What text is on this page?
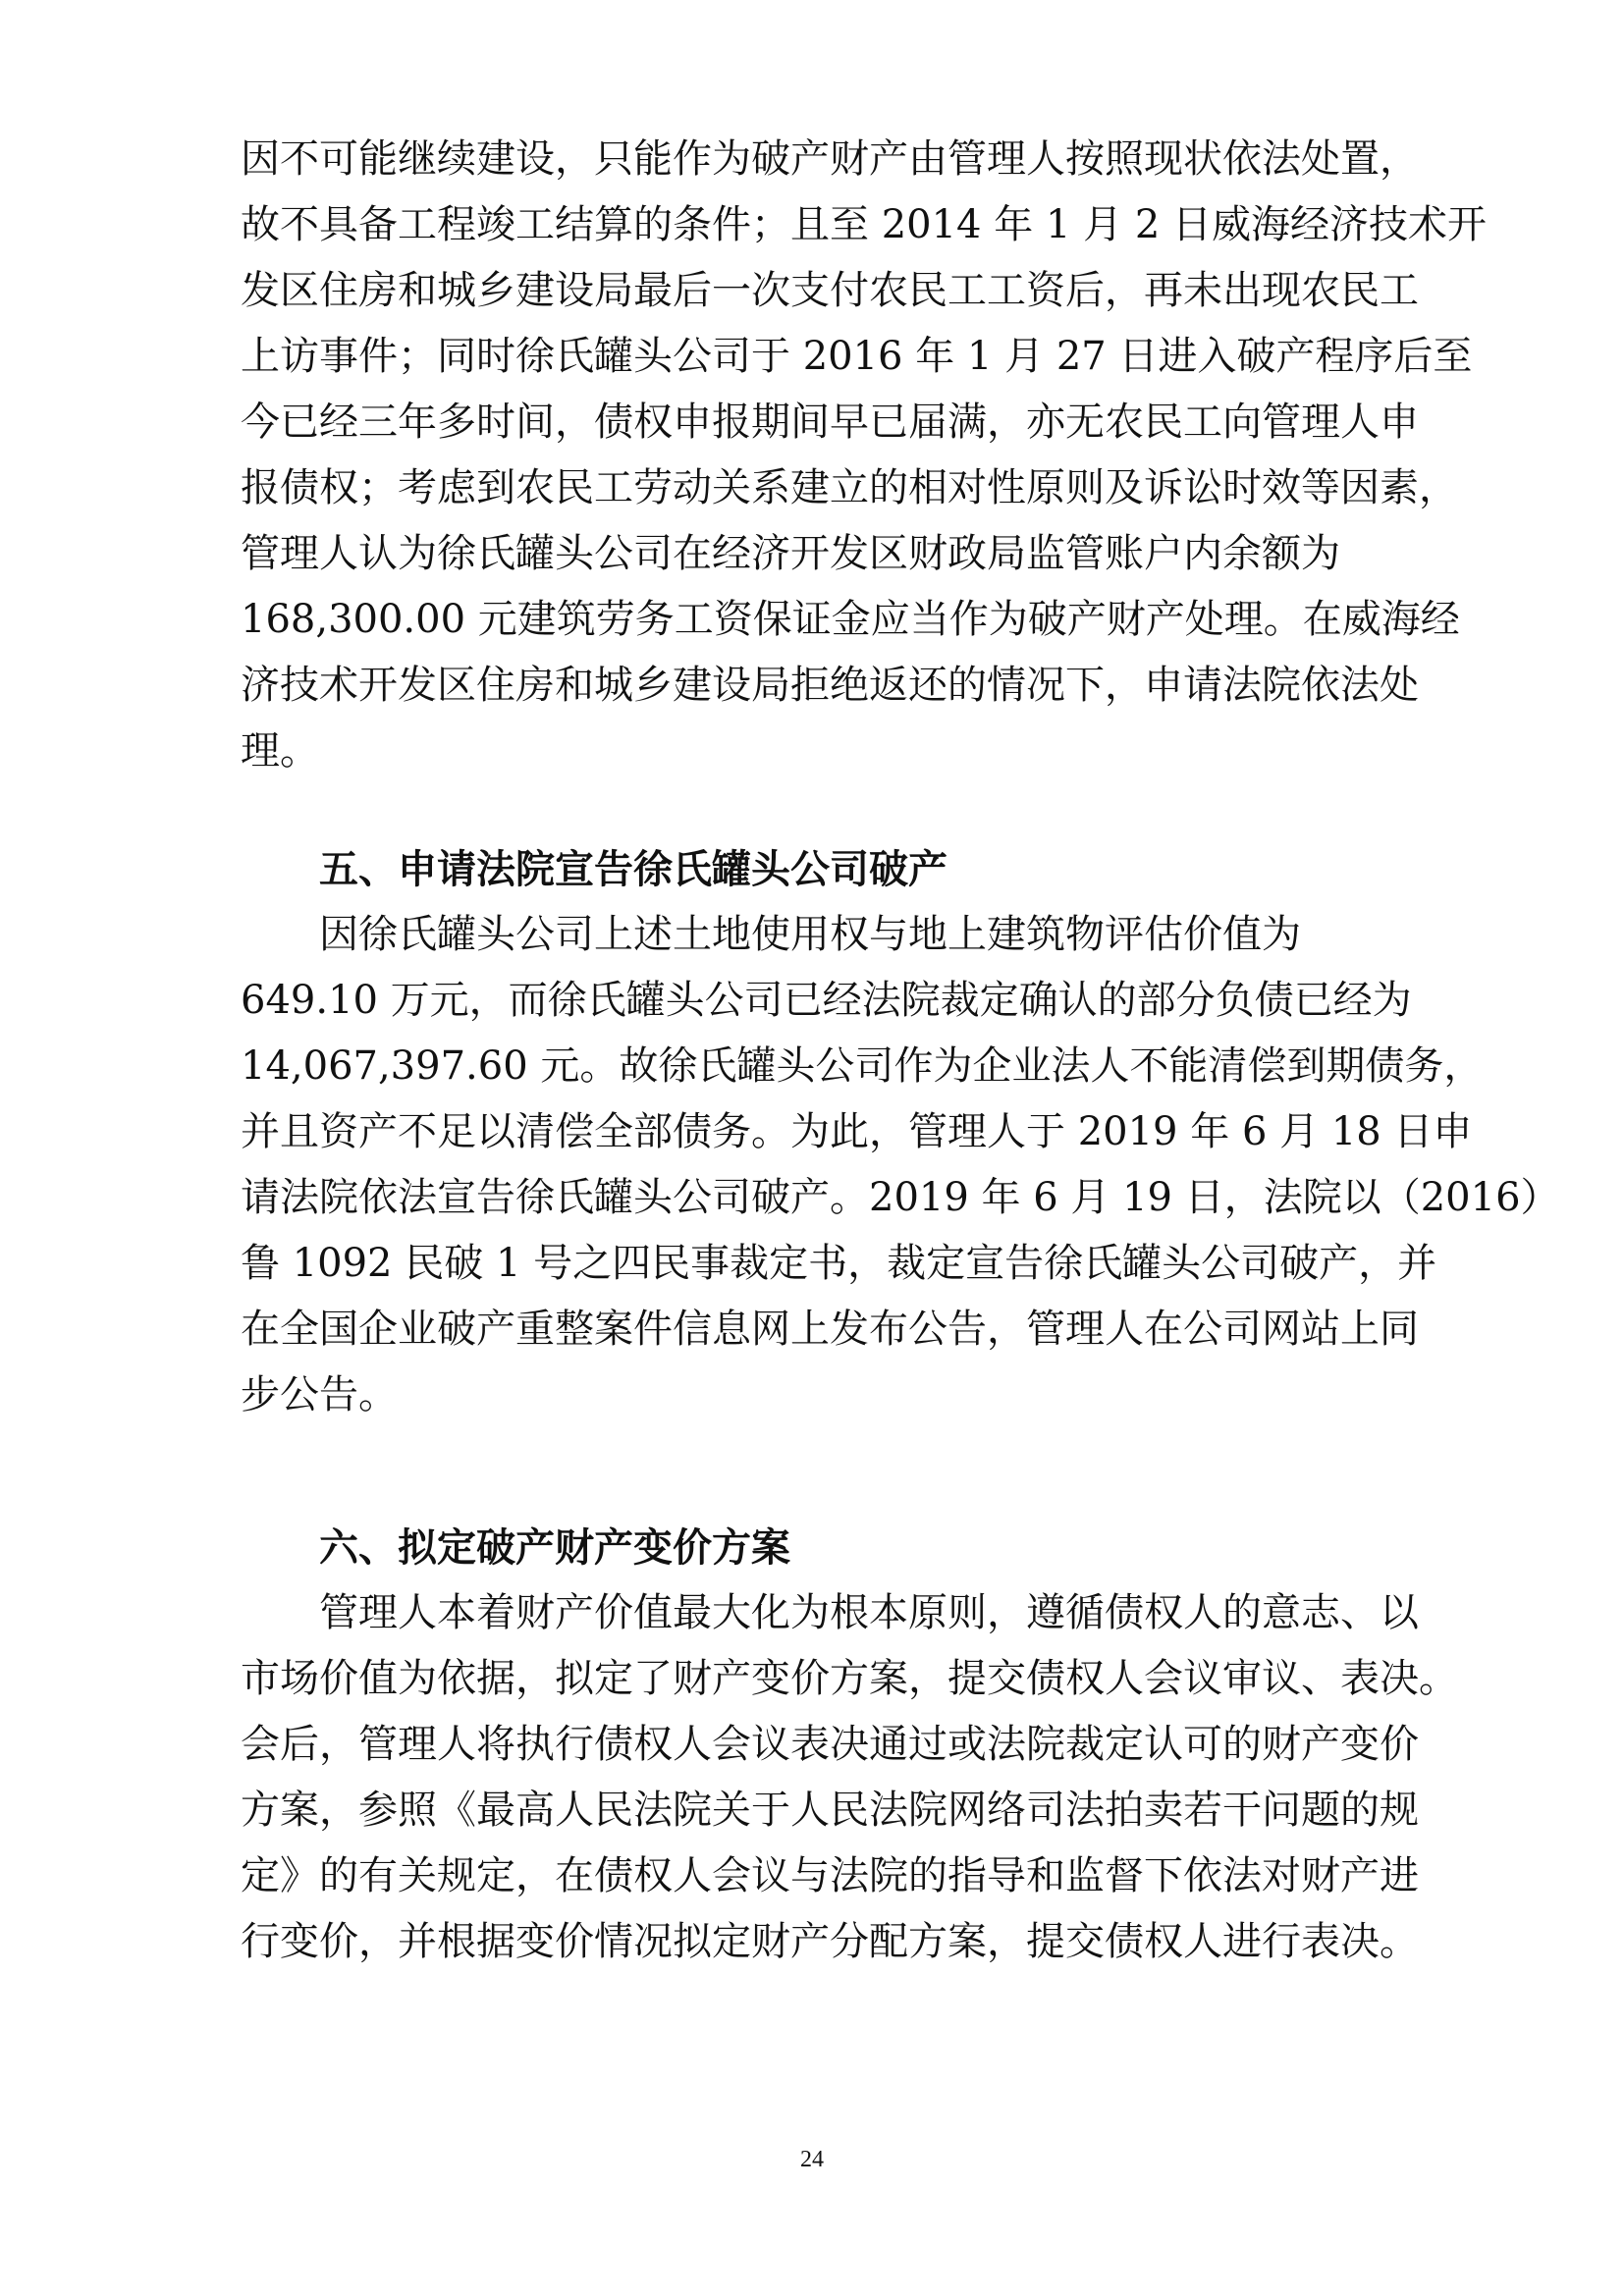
因不可能继续建设，只能作为破产财产由管理人按照现状依法处置，
故不具备工程竣工结算的条件；且至 2014 年 1 月 2 日威海经济技术开
发区住房和城乡建设局最后一次支付农民工工资后，再未出现农民工
上访事件；同时徐氏罐头公司于 2016 年 1 月 27 日进入破产程序后至
今已经三年多时间，债权申报期间早已届满，亦无农民工向管理人申
报债权；考虑到农民工劳动关系建立的相对性原则及诉讼时效等因素，
管理人认为徐氏罐头公司在经济开发区财政局监管账户内余额为
168,300.00 元建筑劳务工资保证金应当作为破产财产处理。在威海经
济技术开发区住房和城乡建设局拒绝返还的情况下，申请法院依法处
理。
五、申请法院宣告徐氏罐头公司破产
因徐氏罐头公司上述土地使用权与地上建筑物评估价值为
649.10 万元，而徐氏罐头公司已经法院裁定确认的部分负债已经为
14,067,397.60 元。故徐氏罐头公司作为企业法人不能清偿到期债务，
并且资产不足以清偿全部债务。为此，管理人于 2019 年 6 月 18 日申
请法院依法宣告徐氏罐头公司破产。2019 年 6 月 19 日，法院以（2016）
鲁 1092 民破 1 号之四民事裁定书，裁定宣告徐氏罐头公司破产，并
在全国企业破产重整案件信息网上发布公告，管理人在公司网站上同
步公告。
六、拟定破产财产变价方案
管理人本着财产价值最大化为根本原则，遵循债权人的意志、以
市场价值为依据，拟定了财产变价方案，提交债权人会议审议、表决。
会后，管理人将执行债权人会议表决通过或法院裁定认可的财产变价
方案，参照《最高人民法院关于人民法院网络司法拍卖若干问题的规
定》的有关规定，在债权人会议与法院的指导和监督下依法对财产进
行变价，并根据变价情况拟定财产分配方案，提交债权人进行表决。
24
